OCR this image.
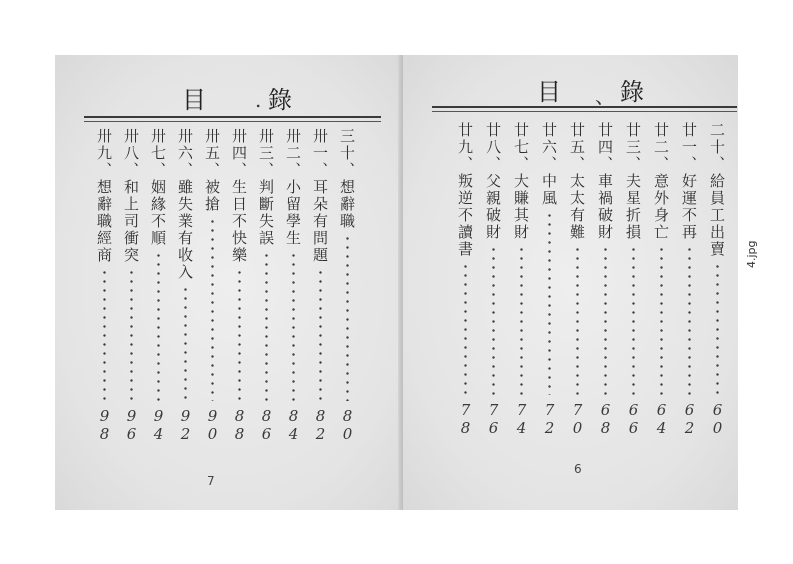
目 . 錄	目 、 錄
三十、想辭職
80
卅一、耳朵有問題
82
卅二、小留學生
84
卅三、判斷失誤
86
卅四、生日不快樂
88
卅五、被搶
90
卅六、雖失業有收入
92
卅七、姻緣不順
94
卅八、和上司衝突
96
卅九、想辭職經商
98
二十、給員工出賣
60
廿一、好運不再
62
廿二、意外身亡
64
廿三、夫星折損
66
廿四、車禍破財
68
廿五、太太有難
70
廿六、中風
72
廿七、大賺其財
74
廿八、父親破財
76
廿九、叛逆不讀書
78
7
6
4.jpg
